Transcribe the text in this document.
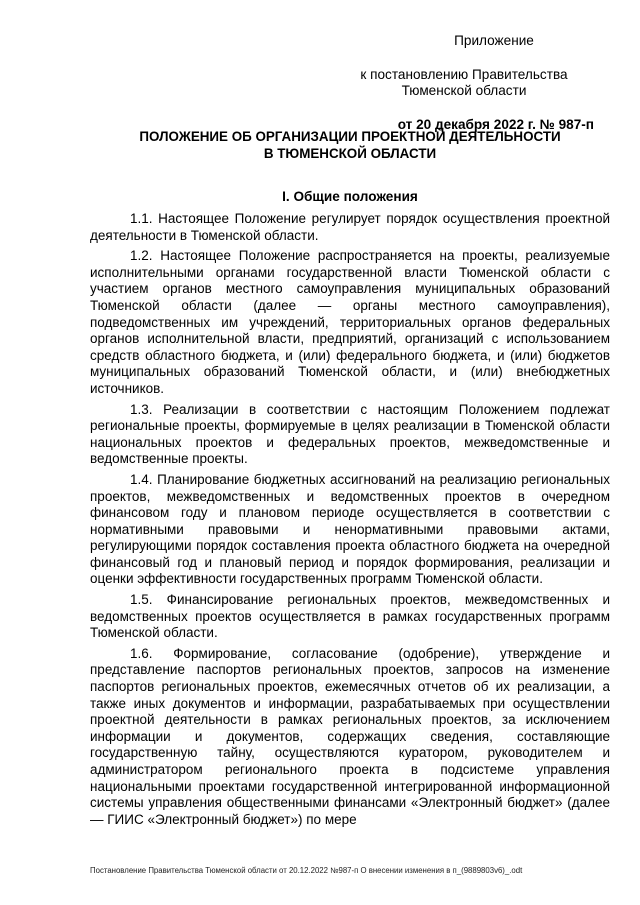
Приложение
к постановлению Правительства
Тюменской области
от 20 декабря 2022 г. № 987-п
ПОЛОЖЕНИЕ ОБ ОРГАНИЗАЦИИ ПРОЕКТНОЙ ДЕЯТЕЛЬНОСТИ
В ТЮМЕНСКОЙ ОБЛАСТИ
I. Общие положения

1.1. Настоящее Положение регулирует порядок осуществления проектной деятельности в Тюменской области.

1.2. Настоящее Положение распространяется на проекты, реализуемые исполнительными органами государственной власти Тюменской области с участием органов местного самоуправления муниципальных образований Тюменской области (далее — органы местного самоуправления), подведомственных им учреждений, территориальных органов федеральных органов исполнительной власти, предприятий, организаций с использованием средств областного бюджета, и (или) федерального бюджета, и (или) бюджетов муниципальных образований Тюменской области, и (или) внебюджетных источников.

1.3. Реализации в соответствии с настоящим Положением подлежат региональные проекты, формируемые в целях реализации в Тюменской области национальных проектов и федеральных проектов, межведомственные и ведомственные проекты.

1.4. Планирование бюджетных ассигнований на реализацию региональных проектов, межведомственных и ведомственных проектов в очередном финансовом году и плановом периоде осуществляется в соответствии с нормативными правовыми и ненормативными правовыми актами, регулирующими порядок составления проекта областного бюджета на очередной финансовый год и плановый период и порядок формирования, реализации и оценки эффективности государственных программ Тюменской области.

1.5. Финансирование региональных проектов, межведомственных и ведомственных проектов осуществляется в рамках государственных программ Тюменской области.

1.6. Формирование, согласование (одобрение), утверждение и представление паспортов региональных проектов, запросов на изменение паспортов региональных проектов, ежемесячных отчетов об их реализации, а также иных документов и информации, разрабатываемых при осуществлении проектной деятельности в рамках региональных проектов, за исключением информации и документов, содержащих сведения, составляющие государственную тайну, осуществляются куратором, руководителем и администратором регионального проекта в подсистеме управления национальными проектами государственной интегрированной информационной системы управления общественными финансами «Электронный бюджет» (далее — ГИИС «Электронный бюджет») по мере

Постановление Правительства Тюменской области от 20.12.2022 №987-п О внесении изменения в п_(9889803v6)_.odt
